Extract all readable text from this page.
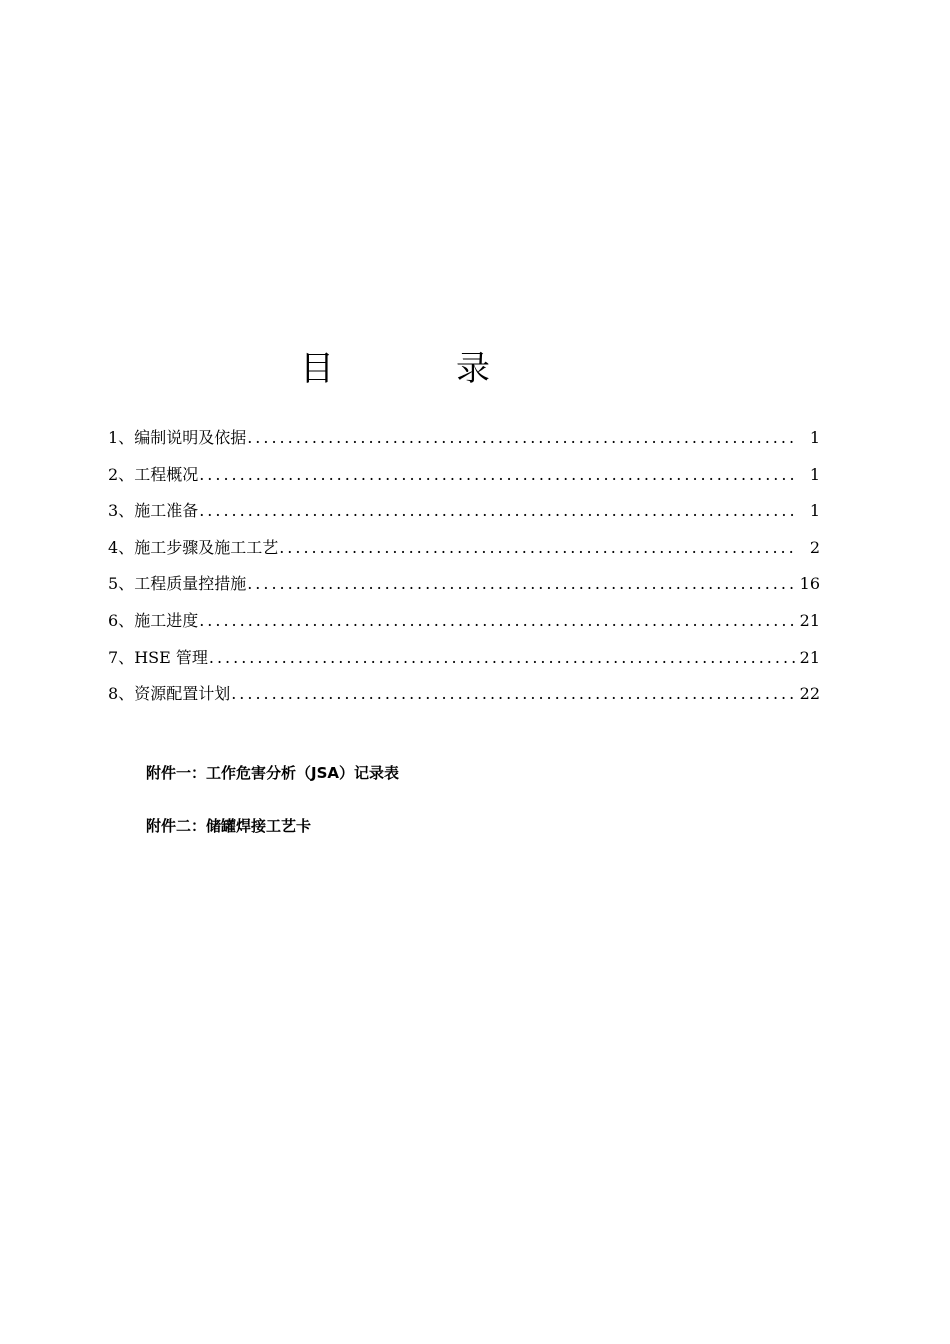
目　录
1、 编制说明及依据 .....	1
2、 工程概况 .....	1
3、 施工准备 .....	1
4、 施工步骤及施工工艺 .....	2
5、 工程质量控措施 .....	16
6、 施工进度 .....	21
7、 HSE 管理 .....	21
8、 资源配置计划 .....	22
附件一：工作危害分析（JSA）记录表
附件二：储罐焊接工艺卡
